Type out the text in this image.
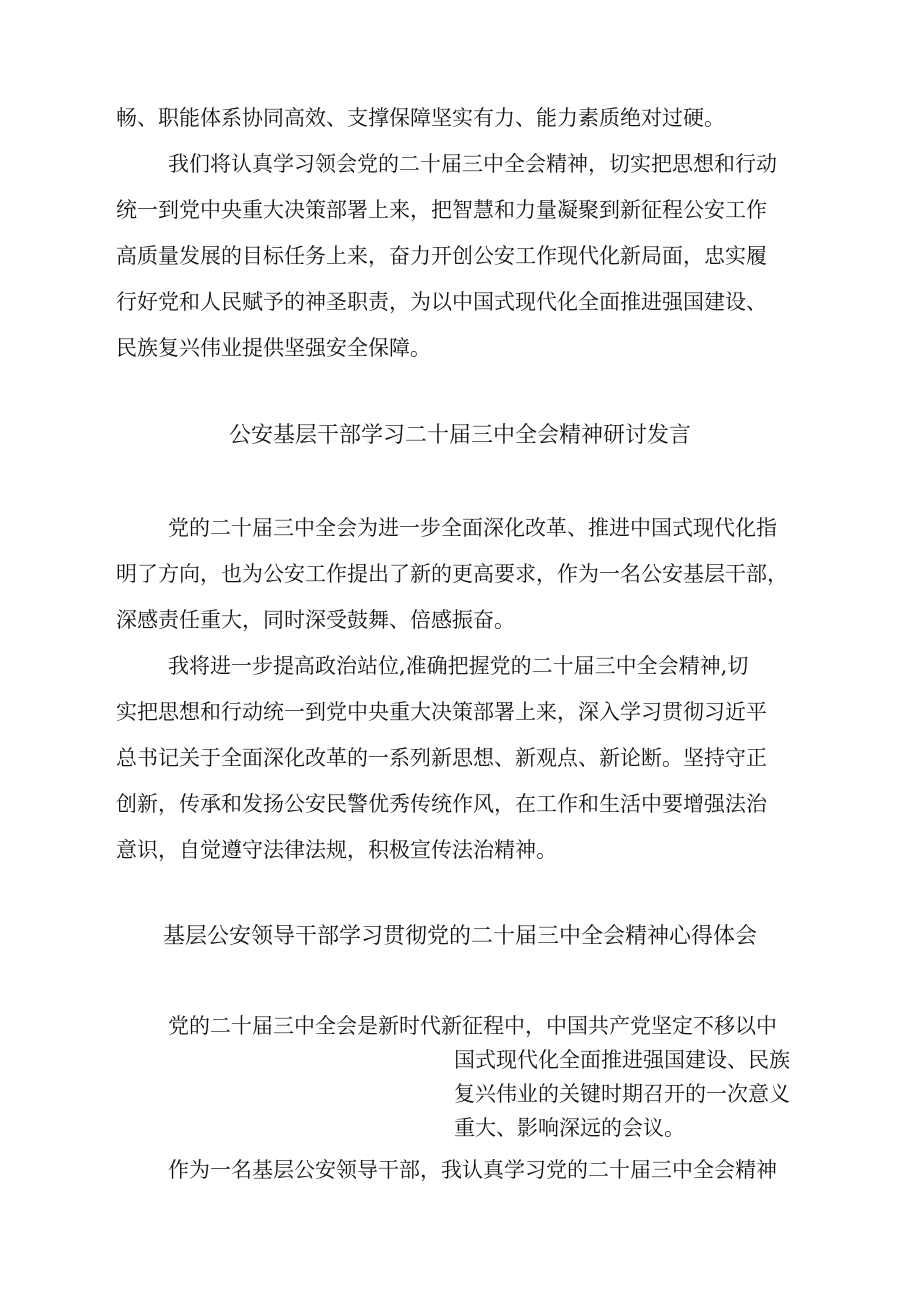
畅、职能体系协同高效、支撑保障坚实有力、能力素质绝对过硬。
我们将认真学习领会党的二十届三中全会精神，切实把思想和行动
统一到党中央重大决策部署上来，把智慧和力量凝聚到新征程公安工作
高质量发展的目标任务上来，奋力开创公安工作现代化新局面，忠实履
行好党和人民赋予的神圣职责，为以中国式现代化全面推进强国建设、
民族复兴伟业提供坚强安全保障。
公安基层干部学习二十届三中全会精神研讨发言
党的二十届三中全会为进一步全面深化改革、推进中国式现代化指
明了方向，也为公安工作提出了新的更高要求，作为一名公安基层干部，
深感责任重大，同时深受鼓舞、倍感振奋。
我将进一步提高政治站位,准确把握党的二十届三中全会精神,切
实把思想和行动统一到党中央重大决策部署上来，深入学习贯彻习近平
总书记关于全面深化改革的一系列新思想、新观点、新论断。坚持守正
创新，传承和发扬公安民警优秀传统作风，在工作和生活中要增强法治
意识，自觉遵守法律法规，积极宣传法治精神。
基层公安领导干部学习贯彻党的二十届三中全会精神心得体会
党的二十届三中全会是新时代新征程中，中国共产党坚定不移以中
国式现代化全面推进强国建设、民族
复兴伟业的关键时期召开的一次意义
重大、影响深远的会议。
作为一名基层公安领导干部，我认真学习党的二十届三中全会精神
